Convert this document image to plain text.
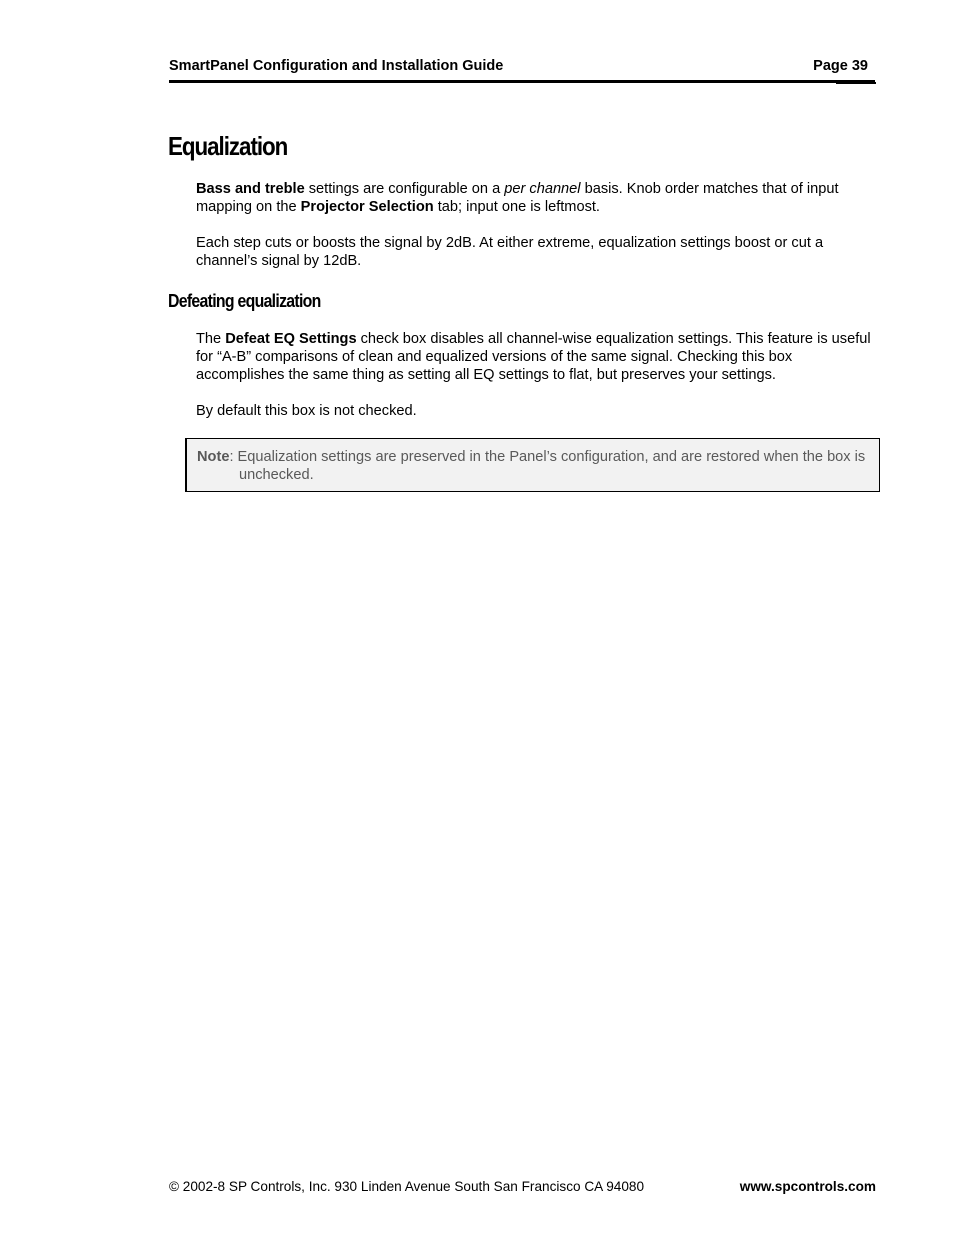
SmartPanel Configuration and Installation Guide	Page 39
Equalization

Bass and treble settings are configurable on a per channel basis. Knob order matches that of input mapping on the Projector Selection tab; input one is leftmost.

Each step cuts or boosts the signal by 2dB. At either extreme, equalization settings boost or cut a channel’s signal by 12dB.

Defeating equalization

The Defeat EQ Settings check box disables all channel-wise equalization settings. This feature is useful for “A-B” comparisons of clean and equalized versions of the same signal. Checking this box accomplishes the same thing as setting all EQ settings to flat, but preserves your settings.

By default this box is not checked.

Note: Equalization settings are preserved in the Panel’s configuration, and are restored when the box is unchecked.

© 2002-8 SP Controls, Inc. 930 Linden Avenue South San Francisco CA 94080	www.spcontrols.com
